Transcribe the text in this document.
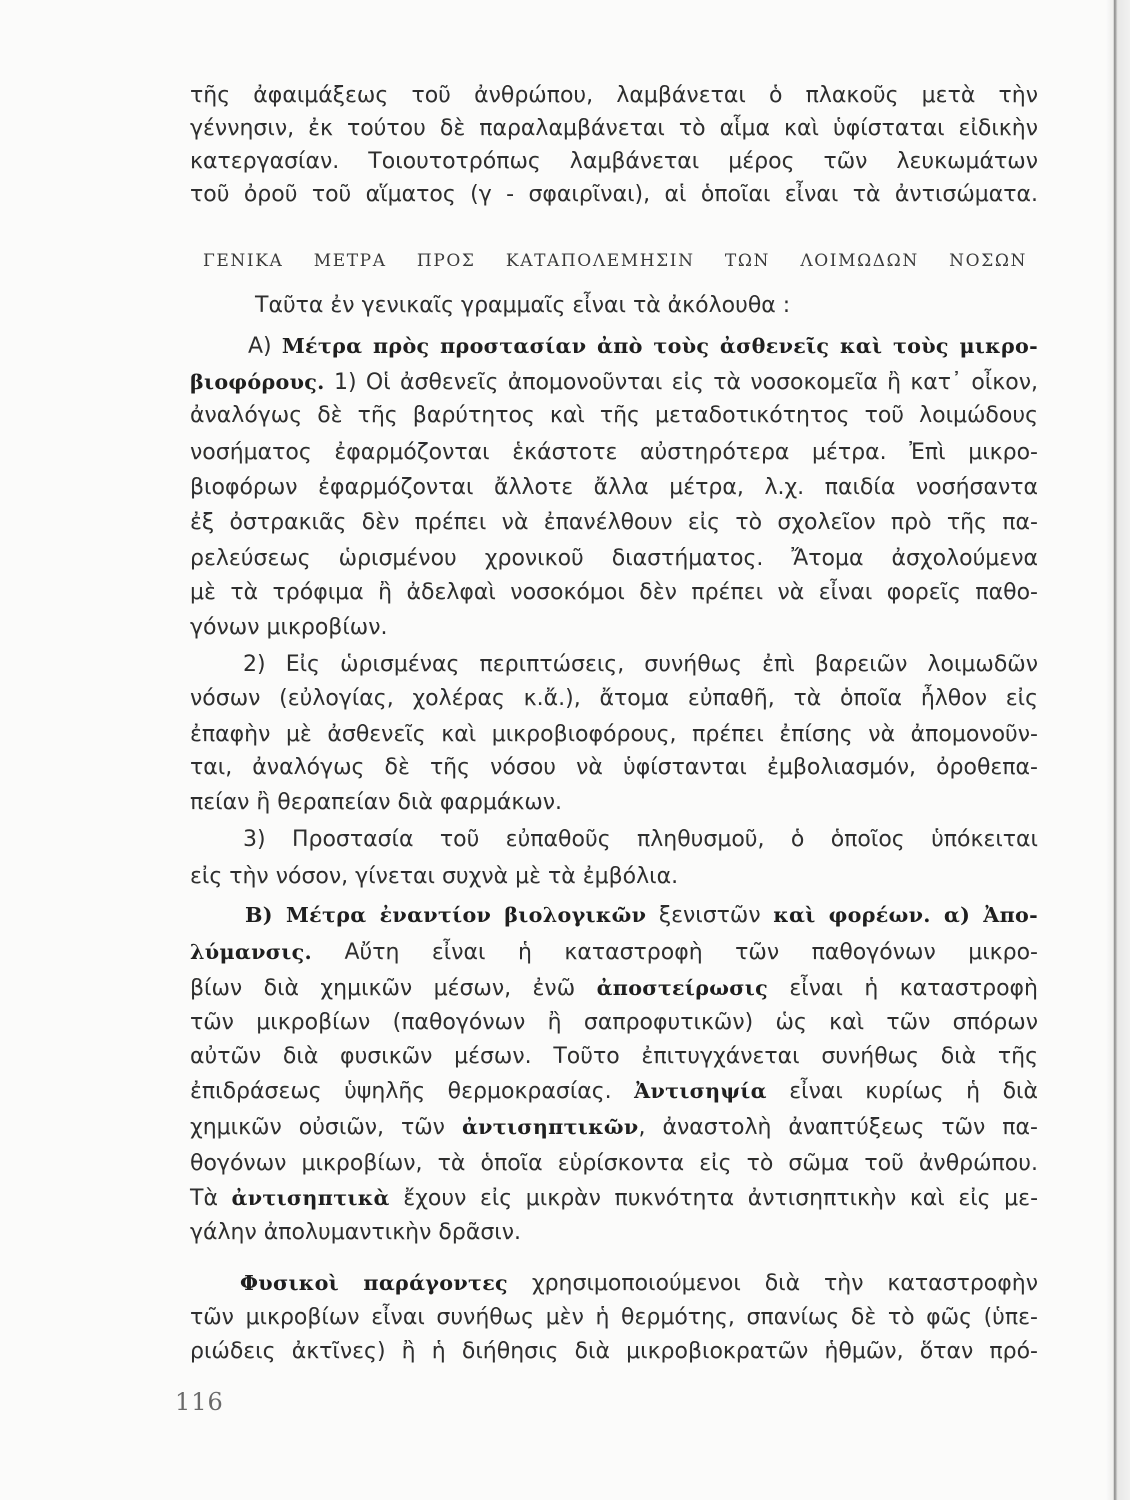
τῆς ἀφαιμάξεως τοῦ ἀνθρώπου, λαμβάνεται ὁ πλακοῦς μετὰ τὴν
γέννησιν, ἐκ τούτου δὲ παραλαμβάνεται τὸ αἷμα καὶ ὑφίσταται εἰδικὴν
κατεργασίαν. Τοιουτοτρόπως λαμβάνεται μέρος τῶν λευκωμάτων
τοῦ ὀροῦ τοῦ αἵματος (γ - σφαιρῖναι), αἱ ὁποῖαι εἶναι τὰ ἀντισώματα.
ΓΕΝΙΚΑ ΜΕΤΡΑ ΠΡΟΣ ΚΑΤΑΠΟΛΕΜΗΣΙΝ ΤΩΝ ΛΟΙΜΩΔΩΝ ΝΟΣΩΝ
Ταῦτα ἐν γενικαῖς γραμμαῖς εἶναι τὰ ἀκόλουθα :
Α) Μέτρα πρὸς προστασίαν ἀπὸ τοὺς ἀσθενεῖς καὶ τοὺς μικρο-
βιοφόρους. 1) Οἱ ἀσθενεῖς ἀπομονοῦνται εἰς τὰ νοσοκομεῖα ἢ κατ᾽ οἶκον,
ἀναλόγως δὲ τῆς βαρύτητος καὶ τῆς μεταδοτικότητος τοῦ λοιμώδους
νοσήματος ἐφαρμόζονται ἑκάστοτε αὐστηρότερα μέτρα. Ἐπὶ μικρο-
βιοφόρων ἐφαρμόζονται ἄλλοτε ἄλλα μέτρα, λ.χ. παιδία νοσήσαντα
ἐξ ὀστρακιᾶς δὲν πρέπει νὰ ἐπανέλθουν εἰς τὸ σχολεῖον πρὸ τῆς πα-
ρελεύσεως ὡρισμένου χρονικοῦ διαστήματος. Ἄτομα ἀσχολούμενα
μὲ τὰ τρόφιμα ἢ ἀδελφαὶ νοσοκόμοι δὲν πρέπει νὰ εἶναι φορεῖς παθο-
γόνων μικροβίων.
2) Εἰς ὡρισμένας περιπτώσεις, συνήθως ἐπὶ βαρειῶν λοιμωδῶν
νόσων (εὐλογίας, χολέρας κ.ἄ.), ἄτομα εὐπαθῆ, τὰ ὁποῖα ἦλθον εἰς
ἐπαφὴν μὲ ἀσθενεῖς καὶ μικροβιοφόρους, πρέπει ἐπίσης νὰ ἀπομονοῦν-
ται, ἀναλόγως δὲ τῆς νόσου νὰ ὑφίστανται ἐμβολιασμόν, ὀροθεπα-
πείαν ἢ θεραπείαν διὰ φαρμάκων.
3) Προστασία τοῦ εὐπαθοῦς πληθυσμοῦ, ὁ ὁποῖος ὑπόκειται
εἰς τὴν νόσον, γίνεται συχνὰ μὲ τὰ ἐμβόλια.
Β) Μέτρα ἐναντίον βιολογικῶν ξενιστῶν καὶ φορέων. α) Ἀπο-
λύμανσις. Αὔτη εἶναι ἡ καταστροφὴ τῶν παθογόνων μικρο-
βίων διὰ χημικῶν μέσων, ἐνῶ ἀποστείρωσις εἶναι ἡ καταστροφὴ
τῶν μικροβίων (παθογόνων ἢ σαπροφυτικῶν) ὡς καὶ τῶν σπόρων
αὐτῶν διὰ φυσικῶν μέσων. Τοῦτο ἐπιτυγχάνεται συνήθως διὰ τῆς
ἐπιδράσεως ὑψηλῆς θερμοκρασίας. Ἀντισηψία εἶναι κυρίως ἡ διὰ
χημικῶν οὐσιῶν, τῶν ἀντισηπτικῶν, ἀναστολὴ ἀναπτύξεως τῶν πα-
θογόνων μικροβίων, τὰ ὁποῖα εὑρίσκοντα εἰς τὸ σῶμα τοῦ ἀνθρώπου.
Τὰ ἀντισηπτικὰ ἔχουν εἰς μικρὰν πυκνότητα ἀντισηπτικὴν καὶ εἰς με-
γάλην ἀπολυμαντικὴν δρᾶσιν.
Φυσικοὶ παράγοντες χρησιμοποιούμενοι διὰ τὴν καταστροφὴν
τῶν μικροβίων εἶναι συνήθως μὲν ἡ θερμότης, σπανίως δὲ τὸ φῶς (ὑπε-
ριώδεις ἀκτῖνες) ἢ ἡ διήθησις διὰ μικροβιοκρατῶν ἡθμῶν, ὅταν πρό-
116
